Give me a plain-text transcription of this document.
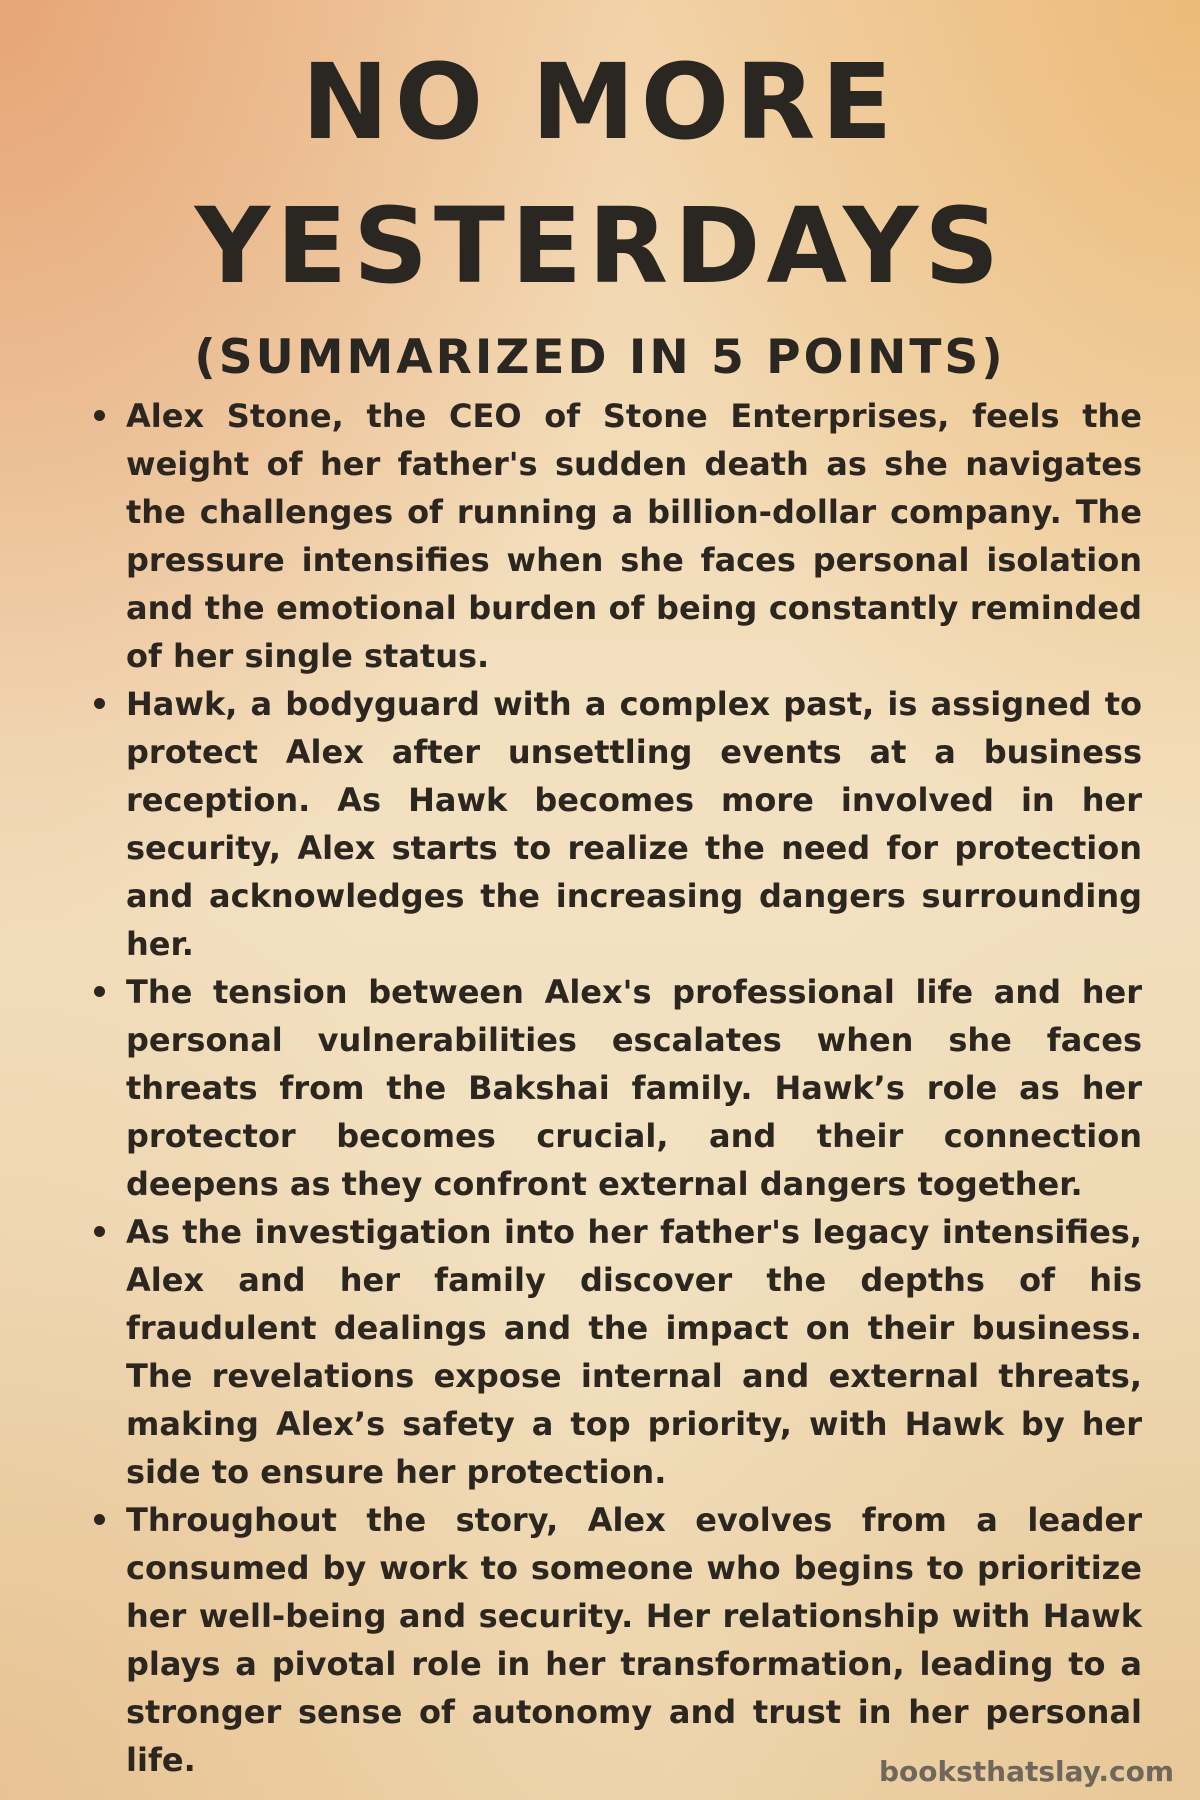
NO MORE
YESTERDAYS
(SUMMARIZED IN 5 POINTS)
Alex Stone, the CEO of Stone Enterprises, feels the weight of her father's sudden death as she navigates the challenges of running a billion-dollar company. The pressure intensifies when she faces personal isolation and the emotional burden of being constantly reminded of her single status.
Hawk, a bodyguard with a complex past, is assigned to protect Alex after unsettling events at a business reception. As Hawk becomes more involved in her security, Alex starts to realize the need for protection and acknowledges the increasing dangers surrounding her.
The tension between Alex's professional life and her personal vulnerabilities escalates when she faces threats from the Bakshai family. Hawk’s role as her protector becomes crucial, and their connection deepens as they confront external dangers together.
As the investigation into her father's legacy intensifies, Alex and her family discover the depths of his fraudulent dealings and the impact on their business. The revelations expose internal and external threats, making Alex’s safety a top priority, with Hawk by her side to ensure her protection.
Throughout the story, Alex evolves from a leader consumed by work to someone who begins to prioritize her well-being and security. Her relationship with Hawk plays a pivotal role in her transformation, leading to a stronger sense of autonomy and trust in her personal life.	booksthatslay.com
